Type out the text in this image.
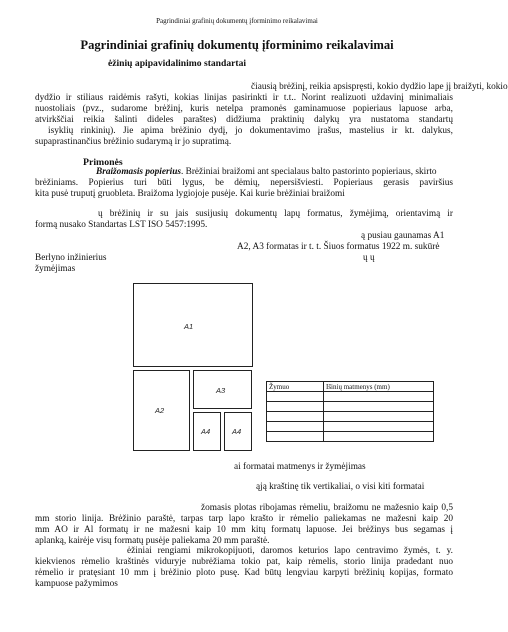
Pagrindiniai grafinių dokumentų įforminimo reikalavimai
Pagrindiniai grafinių dokumentų įforminimo reikalavimai
ėžinių apipavidalinimo standartai
čiausią brėžinį, reikia apsispręsti, kokio dydžio lape jį braižyti, kokio
dydžio ir stiliaus raidėmis rašyti, kokias linijas pasirinkti ir t.t.. Norint realizuoti uždavinį minimaliais
nuostoliais (pvz., sudarome brėžinį, kuris netelpa pramonės gaminamuose popieriaus lapuose arba,
atvirkščiai reikia šalinti dideles paraštes) didžiuma praktinių dalykų yra nustatoma standartų
isyklių rinkinių). Jie apima brėžinio dydį, jo dokumentavimo įrašus, mastelius ir kt. dalykus,
supaprastinančius brėžinio sudarymą ir jo supratimą.
Primonės
Braižomasis popierius. Brėžiniai braižomi ant specialaus balto pastorinto popieriaus, skirto
brėžiniams. Popierius turi būti lygus, be dėmių, nepersišviesti. Popieriaus gerasis paviršius
kita pusė truputį gruobleta. Braižoma lygiojoje pusėje. Kai kurie brėžiniai braižomi
ų brėžinių ir su jais susijusių dokumentų lapų formatus, žymėjimą, orientavimą ir
formą nusako Standartas LST ISO 5457:1995.
ą pusiau gaunamas A1
A2, A3 formatas ir t. t. Šiuos formatus 1922 m. sukūrė
Berlyno inžinierius	ų ų
žymėjimas
A1
A2
A3
A4	A4
Žymuo	Išinių matmenys (mm)

ai formatai matmenys ir žymėjimas
ąją kraštinę tik vertikaliai, o visi kiti formatai
žomasis plotas ribojamas rėmeliu, braižomu ne mažesnio kaip 0,5
mm storio linija. Brėžinio paraštė, tarpas tarp lapo krašto ir rėmelio paliekamas ne mažesni kaip 20
mm AO ir Al formatų ir ne mažesni kaip 10 mm kitų formatų lapuose. Jei brėžinys bus segamas į
aplanką, kairėje visų formatų pusėje paliekama 20 mm paraštė.
ėžiniai rengiami mikrokopijuoti, daromos keturios lapo centravimo žymės, t. y.
kiekvienos rėmelio kraštinės viduryje nubrėžiama tokio pat, kaip rėmelis, storio linija pradedant nuo
rėmelio ir pratęsiant 10 mm į brėžinio ploto pusę. Kad būtų lengviau karpyti brėžinių kopijas, formato
kampuose pažymimos
